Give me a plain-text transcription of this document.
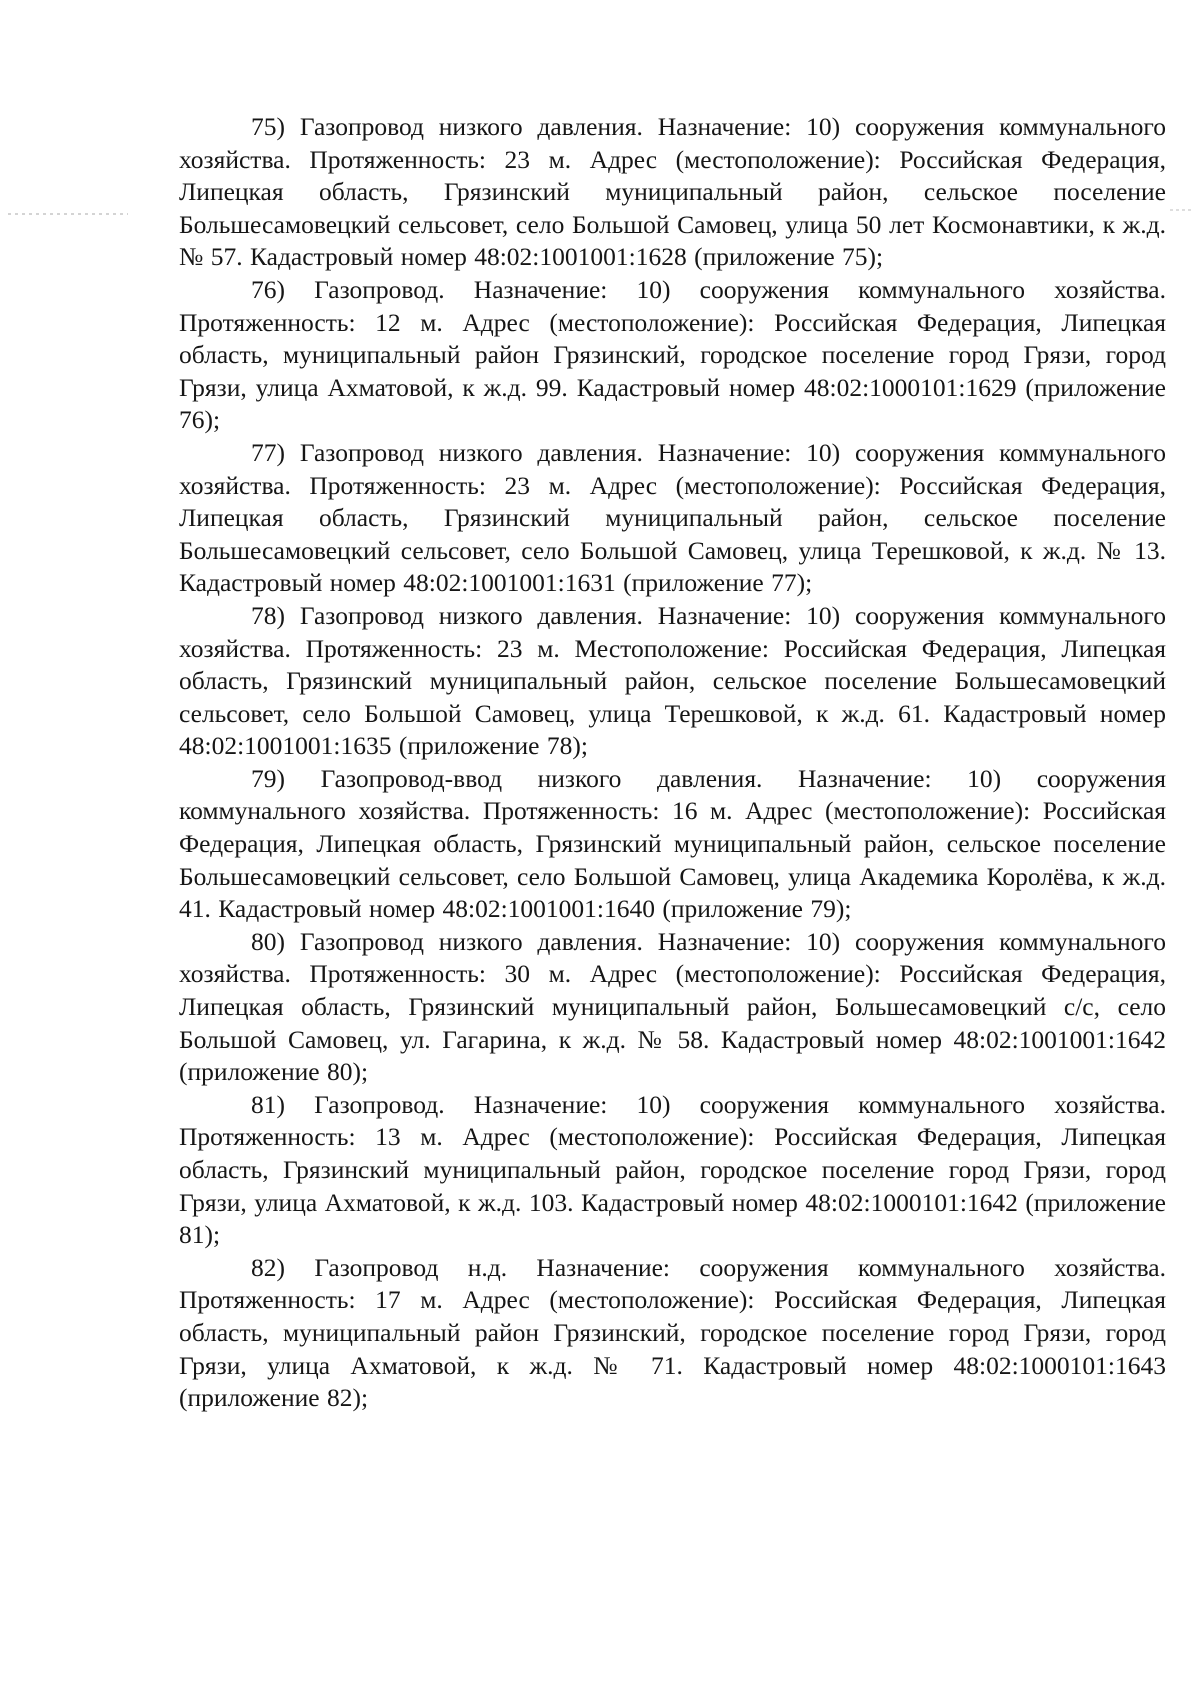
75) Газопровод низкого давления. Назначение: 10) сооружения коммунального хозяйства. Протяженность: 23 м. Адрес (местоположение): Российская Федерация, Липецкая область, Грязинский муниципальный район, сельское поселение Большесамовецкий сельсовет, село Большой Самовец, улица 50 лет Космонавтики, к ж.д. № 57. Кадастровый номер 48:02:1001001:1628 (приложение 75);

76) Газопровод. Назначение: 10) сооружения коммунального хозяйства. Протяженность: 12 м. Адрес (местоположение): Российская Федерация, Липецкая область, муниципальный район Грязинский, городское поселение город Грязи, город Грязи, улица Ахматовой, к ж.д. 99. Кадастровый номер 48:02:1000101:1629 (приложение 76);

77) Газопровод низкого давления. Назначение: 10) сооружения коммунального хозяйства. Протяженность: 23 м. Адрес (местоположение): Российская Федерация, Липецкая область, Грязинский муниципальный район, сельское поселение Большесамовецкий сельсовет, село Большой Самовец, улица Терешковой, к ж.д. № 13. Кадастровый номер 48:02:1001001:1631 (приложение 77);

78) Газопровод низкого давления. Назначение: 10) сооружения коммунального хозяйства. Протяженность: 23 м. Местоположение: Российская Федерация, Липецкая область, Грязинский муниципальный район, сельское поселение Большесамовецкий сельсовет, село Большой Самовец, улица Терешковой, к ж.д. 61. Кадастровый номер 48:02:1001001:1635 (приложение 78);

79) Газопровод-ввод низкого давления. Назначение: 10) сооружения коммунального хозяйства. Протяженность: 16 м. Адрес (местоположение): Российская Федерация, Липецкая область, Грязинский муниципальный район, сельское поселение Большесамовецкий сельсовет, село Большой Самовец, улица Академика Королёва, к ж.д. 41. Кадастровый номер 48:02:1001001:1640 (приложение 79);

80) Газопровод низкого давления. Назначение: 10) сооружения коммунального хозяйства. Протяженность: 30 м. Адрес (местоположение): Российская Федерация, Липецкая область, Грязинский муниципальный район, Большесамовецкий с/с, село Большой Самовец, ул. Гагарина, к ж.д. № 58. Кадастровый номер 48:02:1001001:1642 (приложение 80);

81) Газопровод. Назначение: 10) сооружения коммунального хозяйства. Протяженность: 13 м. Адрес (местоположение): Российская Федерация, Липецкая область, Грязинский муниципальный район, городское поселение город Грязи, город Грязи, улица Ахматовой, к ж.д. 103. Кадастровый номер 48:02:1000101:1642 (приложение 81);

82) Газопровод н.д. Назначение: сооружения коммунального хозяйства. Протяженность: 17 м. Адрес (местоположение): Российская Федерация, Липецкая область, муниципальный район Грязинский, городское поселение город Грязи, город Грязи, улица Ахматовой, к ж.д. № 71. Кадастровый номер 48:02:1000101:1643 (приложение 82);
